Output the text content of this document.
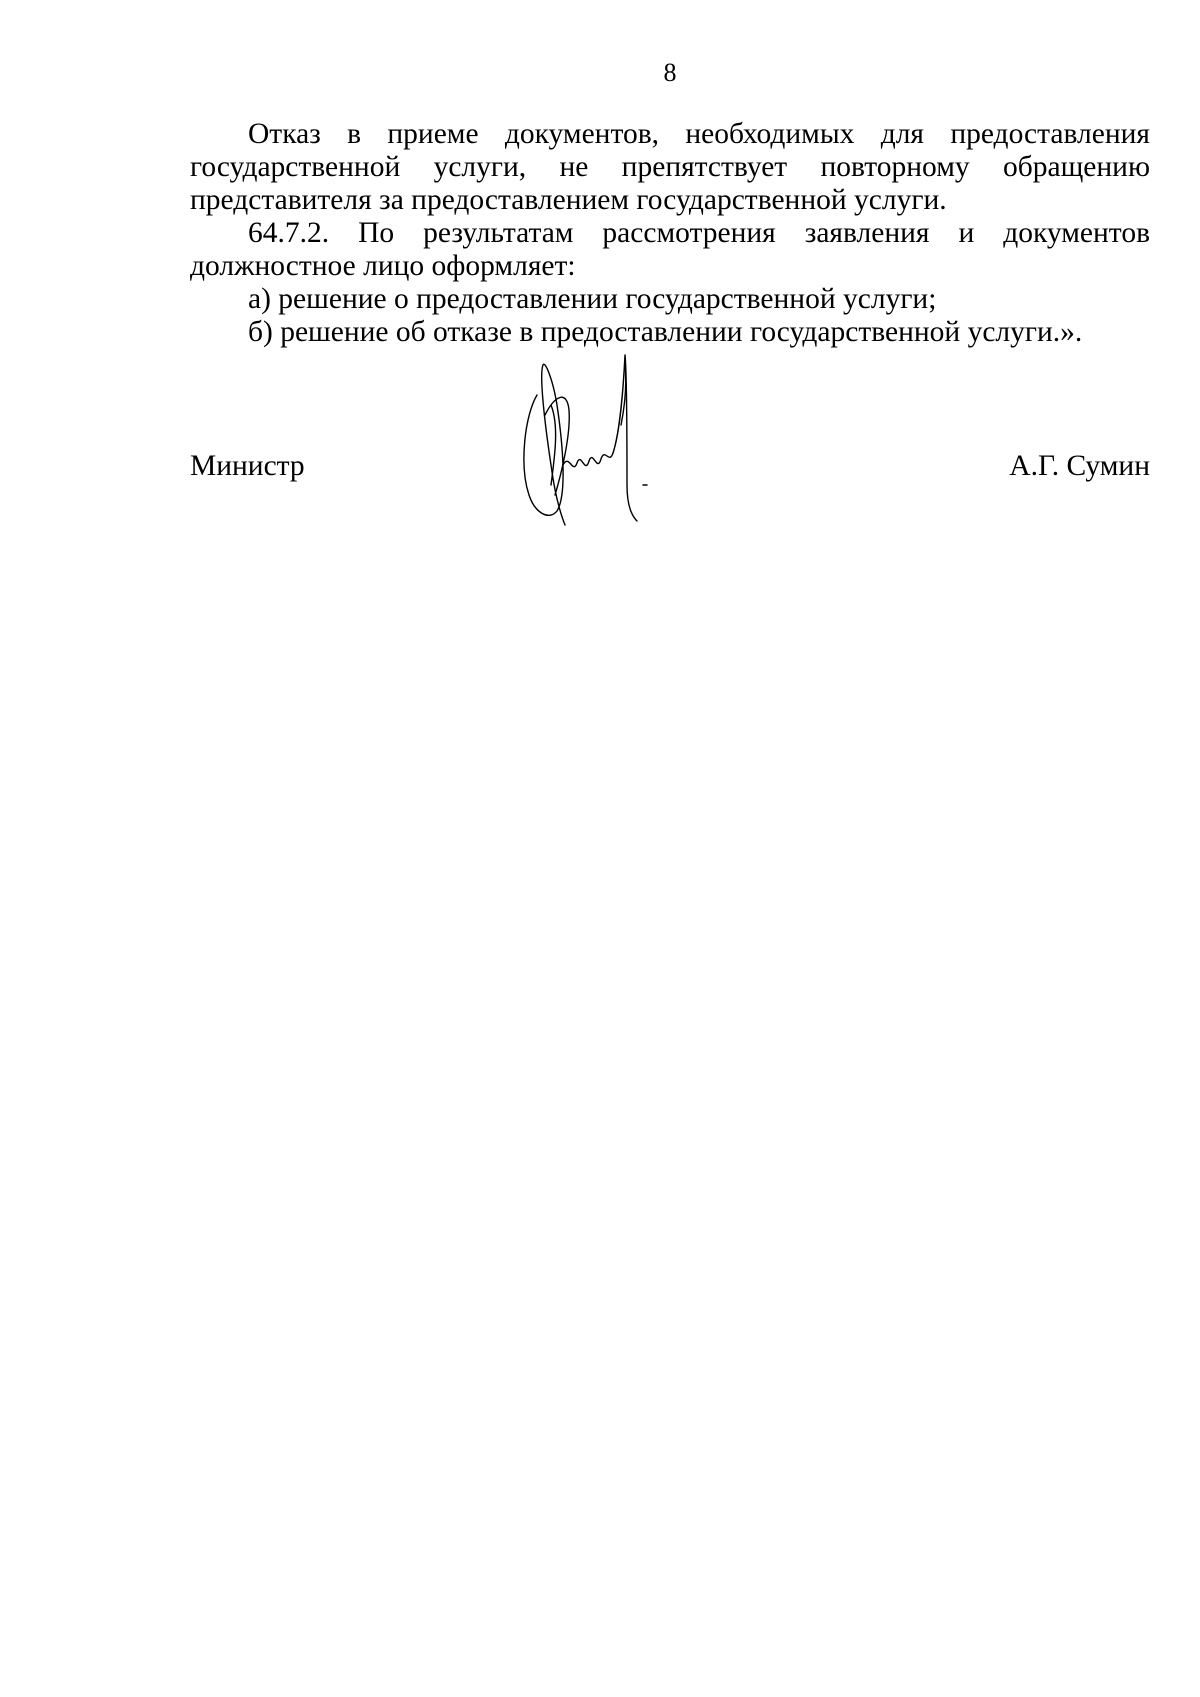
8

Отказ в приеме документов, необходимых для предоставления государственной услуги, не препятствует повторному обращению представителя за предоставлением государственной услуги.

64.7.2. По результатам рассмотрения заявления и документов должностное лицо оформляет:

а) решение о предоставлении государственной услуги;

б) решение об отказе в предоставлении государственной услуги.».

Министр	А.Г. Сумин
